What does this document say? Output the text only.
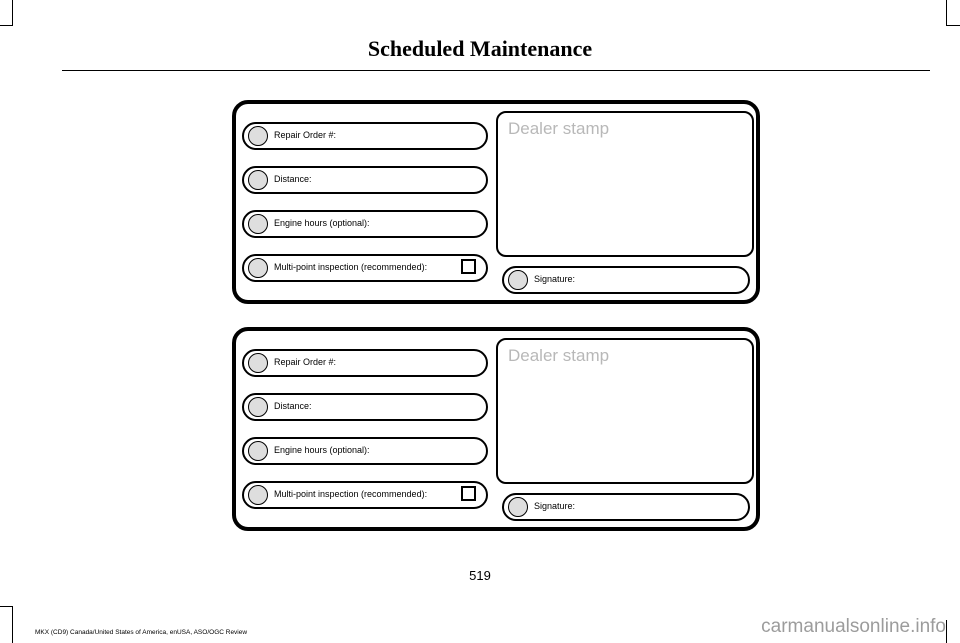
Scheduled Maintenance
Repair Order #:
Distance:
Engine hours (optional):
Multi-point inspection (recommended):
Dealer stamp
Signature:
Repair Order #:
Distance:
Engine hours (optional):
Multi-point inspection (recommended):
Dealer stamp
Signature:
519
MKX (CD9) Canada/United States of America, enUSA, ASO/OGC Review	carmanualsonline.info
